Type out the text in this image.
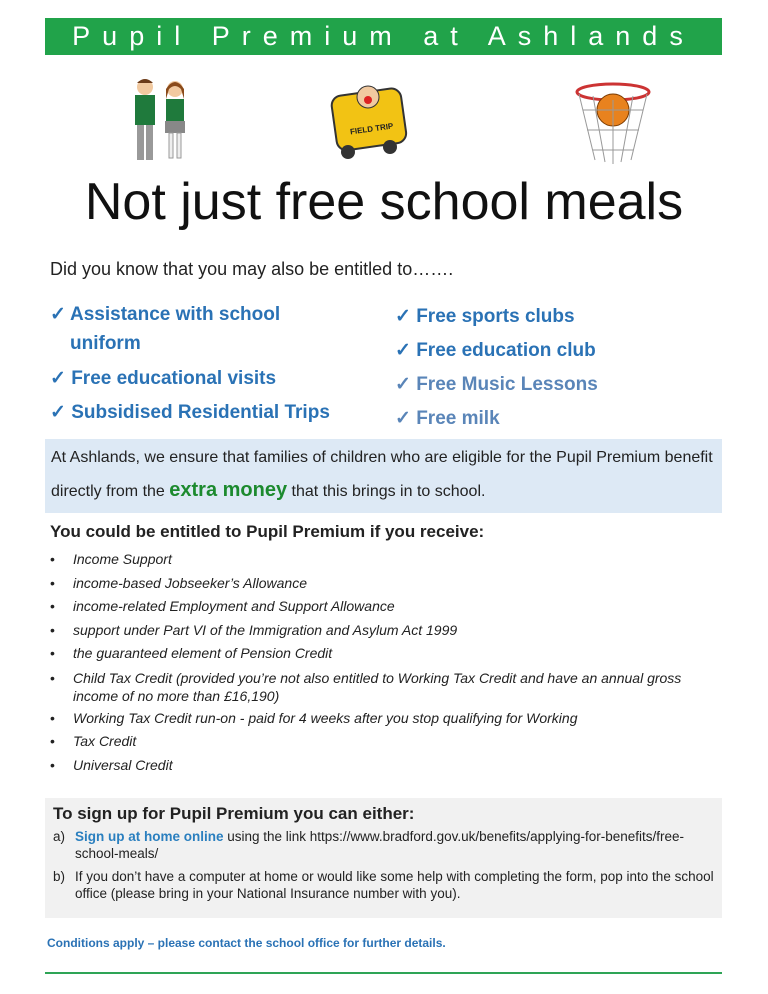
Pupil Premium at Ashlands
FIELD TRIP
Not just free school meals
Did you know that you may also be entitled to…….
✓ Assistance with school uniform
✓ Free educational visits
✓ Subsidised Residential Trips
✓ Free sports clubs
✓ Free education club
✓ Free Music Lessons
✓ Free milk
At Ashlands, we ensure that families of children who are eligible for the Pupil Premium benefit directly from the extra money that this brings in to school.
You could be entitled to Pupil Premium if you receive:
• Income Support
• income-based Jobseeker’s Allowance
• income-related Employment and Support Allowance
• support under Part VI of the Immigration and Asylum Act 1999
• the guaranteed element of Pension Credit
• Child Tax Credit (provided you’re not also entitled to Working Tax Credit and have an annual gross income of no more than £16,190)
• Working Tax Credit run-on - paid for 4 weeks after you stop qualifying for Working
• Tax Credit
• Universal Credit
To sign up for Pupil Premium you can either:
a) Sign up at home online using the link https://www.bradford.gov.uk/benefits/applying-for-benefits/free-school-meals/
b) If you don’t have a computer at home or would like some help with completing the form, pop into the school office (please bring in your National Insurance number with you).
Conditions apply – please contact the school office for further details.
